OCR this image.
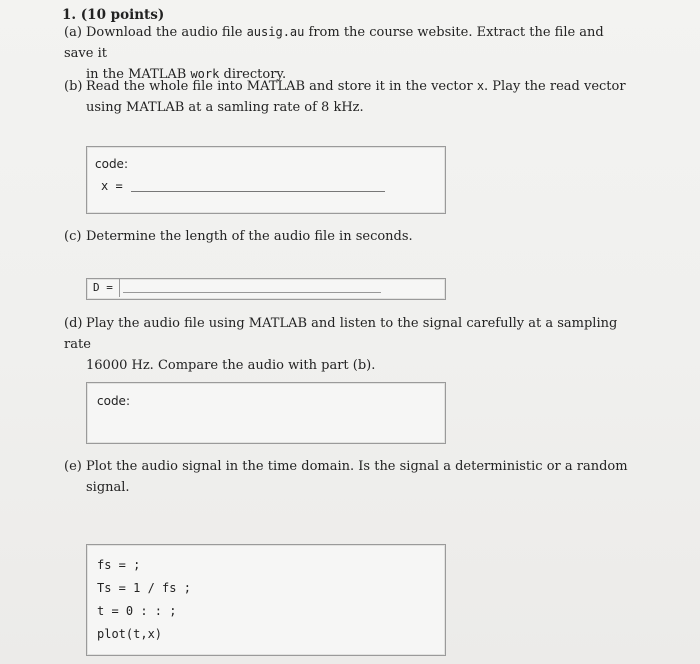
1. (10 points)
(a) Download the audio file ausig.au from the course website. Extract the file and save it
in the MATLAB work directory.
(b) Read the whole file into MATLAB and store it in the vector x. Play the read vector
using MATLAB at a samling rate of 8 kHz.
code:
x =
(c) Determine the length of the audio file in seconds.
D =
(d) Play the audio file using MATLAB and listen to the signal carefully at a sampling rate
16000 Hz. Compare the audio with part (b).
code:
(e) Plot the audio signal in the time domain. Is the signal a deterministic or a random
signal.
fs = ;
Ts = 1 / fs ;
t = 0 : : ;
plot(t,x)
